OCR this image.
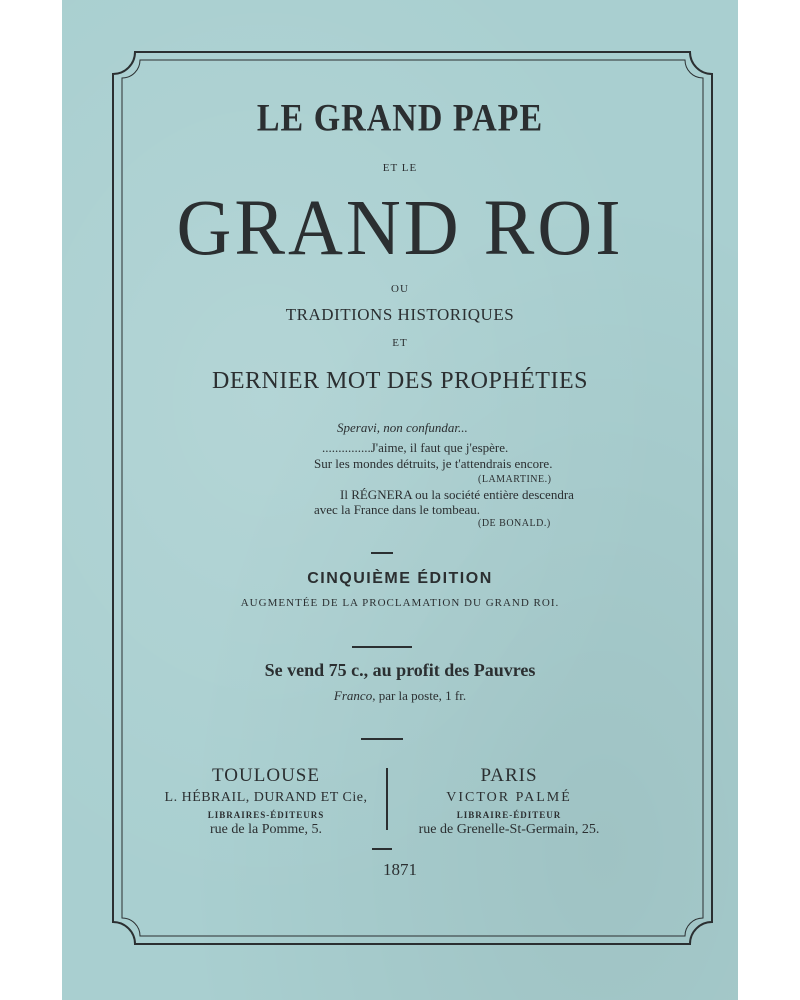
LE GRAND PAPE
ET LE
GRAND ROI
OU
TRADITIONS HISTORIQUES
ET
DERNIER MOT DES PROPHÉTIES
Speravi, non confundar...
...............J'aime, il faut que j'espère.
Sur les mondes détruits, je t'attendrais encore.
(LAMARTINE.)
Il RÉGNERA ou la société entière descendra
avec la France dans le tombeau.
(DE BONALD.)
CINQUIÈME ÉDITION
AUGMENTÉE DE LA PROCLAMATION DU GRAND ROI.
Se vend 75 c., au profit des Pauvres
Franco, par la poste, 1 fr.
TOULOUSE
L. HÉBRAIL, DURAND ET Cie,
LIBRAIRES-ÉDITEURS
rue de la Pomme, 5.
PARIS
VICTOR PALMÉ
LIBRAIRE-ÉDITEUR
rue de Grenelle-St-Germain, 25.
1871
